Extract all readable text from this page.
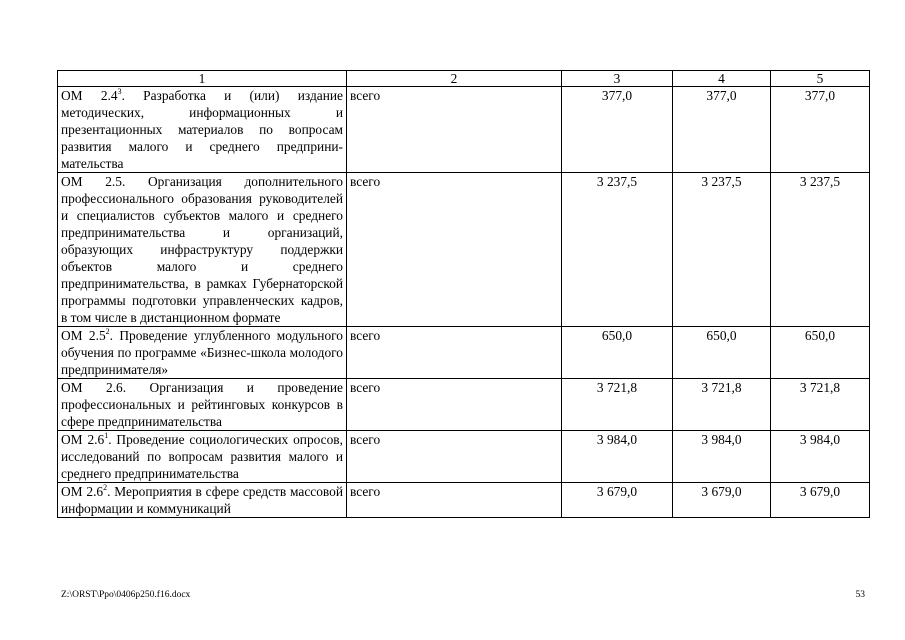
1	2	3	4	5
ОМ $2.4^3$. Разработка и (или) издание методических, информационных и презентационных материалов по вопросам развития малого и среднего предпринимательства	всего	377,0	377,0	377,0
ОМ 2.5. Организация дополнительного профессионального образования руководителей и специалистов субъектов малого и среднего предпринимательства и организаций, образующих инфраструктуру поддержки объектов малого и среднего предпринимательства, в рамках Губернаторской программы подготовки управленческих кадров, в том числе в дистанционном формате	всего	3 237,5	3 237,5	3 237,5
ОМ $2.5^2$. Проведение углубленного модульного обучения по программе «Бизнес-школа молодого предпринимателя»	всего	650,0	650,0	650,0
ОМ 2.6. Организация и проведение профессиональных и рейтинговых конкурсов в сфере предпринимательства	всего	3 721,8	3 721,8	3 721,8
ОМ $2.6^1$. Проведение социологических опросов, исследований по вопросам развития малого и среднего предпринимательства	всего	3 984,0	3 984,0	3 984,0
ОМ $2.6^2$. Мероприятия в сфере средств массовой информации и коммуникаций	всего	3 679,0	3 679,0	3 679,0
Z:\ORST\Ppo\0406p250.f16.docx	53
